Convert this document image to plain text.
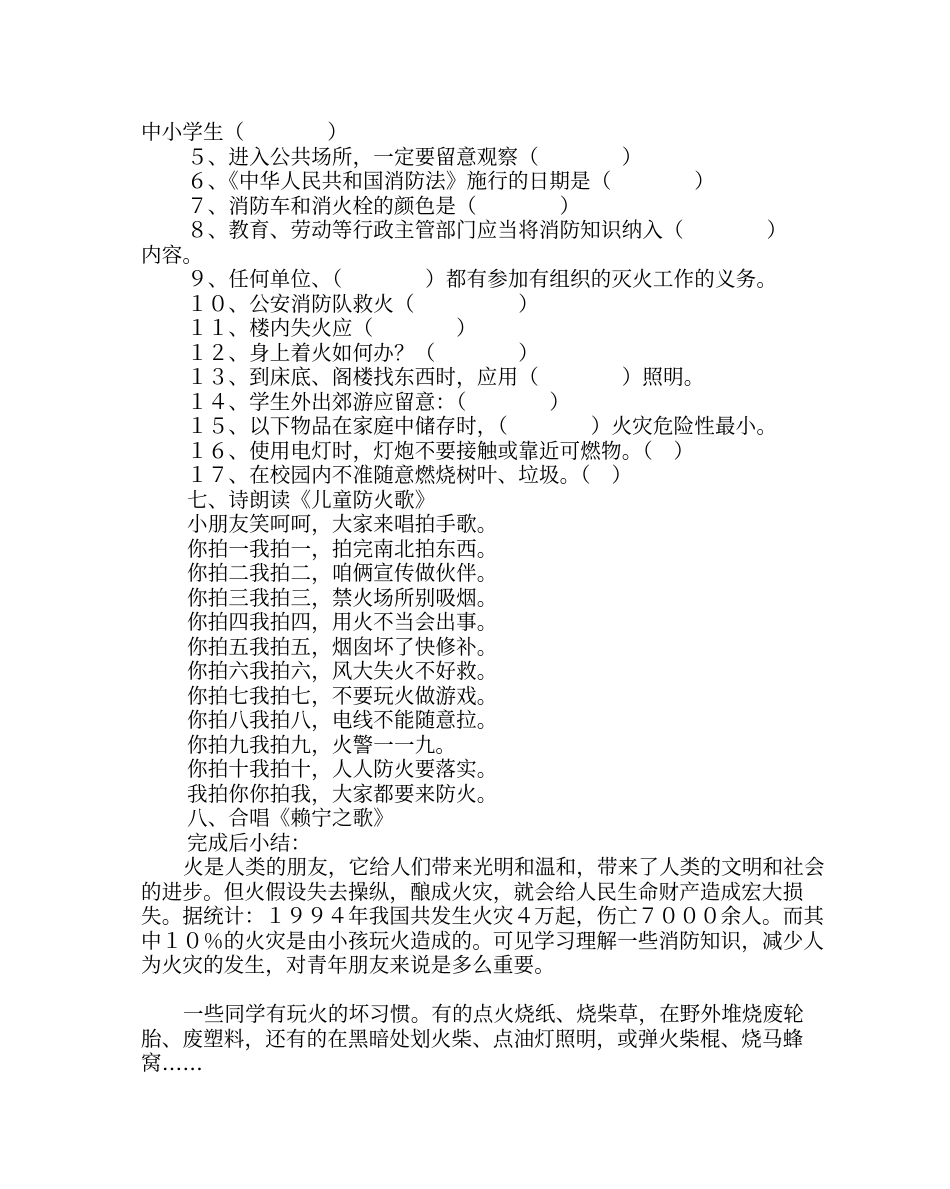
中小学生（　　　　）
５、进入公共场所，一定要留意观察（　　　　）
６、《中华人民共和国消防法》施行的日期是（　　　　）
７、消防车和消火栓的颜色是（　　　　）
８、教育、劳动等行政主管部门应当将消防知识纳入（　　　　）
内容。
９、任何单位、（　　　　）都有参加有组织的灭火工作的义务。
１０、公安消防队救火（　　　　　）
１１、楼内失火应（　　　　）
１２、身上着火如何办？（　　　　）
１３、到床底、阁楼找东西时，应用（　　　　）照明。
１４、学生外出郊游应留意：（　　　　）
１５、以下物品在家庭中储存时，（　　　　）火灾危险性最小。
１６、使用电灯时，灯炮不要接触或靠近可燃物。（　）
１７、在校园内不准随意燃烧树叶、垃圾。（　）
七、诗朗读《儿童防火歌》
小朋友笑呵呵，大家来唱拍手歌。
你拍一我拍一，拍完南北拍东西。
你拍二我拍二，咱俩宣传做伙伴。
你拍三我拍三，禁火场所别吸烟。
你拍四我拍四，用火不当会出事。
你拍五我拍五，烟囱坏了快修补。
你拍六我拍六，风大失火不好救。
你拍七我拍七，不要玩火做游戏。
你拍八我拍八，电线不能随意拉。
你拍九我拍九，火警一一九。
你拍十我拍十，人人防火要落实。
我拍你你拍我，大家都要来防火。
八、合唱《赖宁之歌》
完成后小结：

火是人类的朋友，它给人们带来光明和温和，带来了人类的文明和社会的进步。但火假设失去操纵，酿成火灾，就会给人民生命财产造成宏大损失。据统计：１９９４年我国共发生火灾４万起，伤亡７０００余人。而其中１０％的火灾是由小孩玩火造成的。可见学习理解一些消防知识，减少人为火灾的发生，对青年朋友来说是多么重要。

一些同学有玩火的坏习惯。有的点火烧纸、烧柴草，在野外堆烧废轮胎、废塑料，还有的在黑暗处划火柴、点油灯照明，或弹火柴棍、烧马蜂窝……
